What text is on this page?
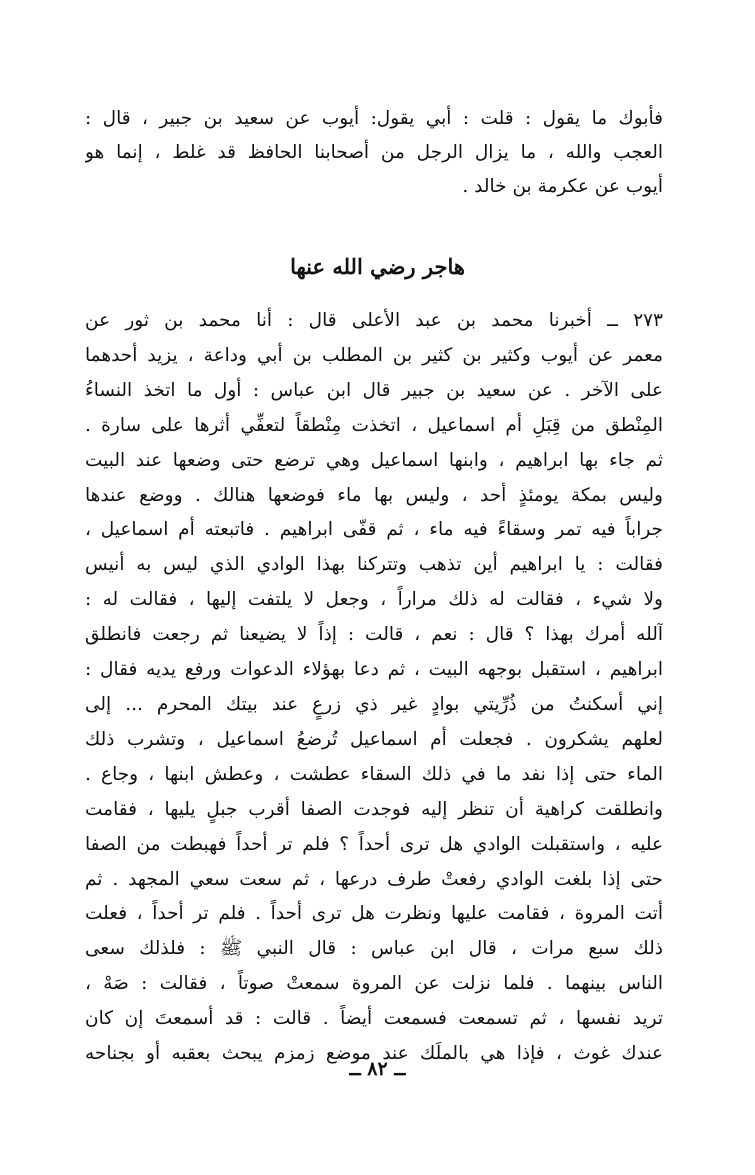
فأبوك ما يقول : قلت : أبي يقول: أيوب عن سعيد بن جبير ، قال :
العجب والله ، ما يزال الرجل من أصحابنا الحافظ قد غلط ، إنما هو
أيوب عن عكرمة بن خالد .
هاجر رضي الله عنها
٢٧٣ ــ أخبرنا محمد بن عبد الأعلى قال : أنا محمد بن ثور عن
معمر عن أيوب وكثير بن كثير بن المطلب بن أبي وداعة ، يزيد أحدهما
على الآخر . عن سعيد بن جبير قال ابن عباس : أول ما اتخذ النساءُ
المِنْطق من قِبَلِ أم اسماعيل ، اتخذت مِنْطقاً لتعفِّي أثرها على سارة .
ثم جاء بها ابراهيم ، وابنها اسماعيل وهي ترضع حتى وضعها عند البيت
وليس بمكة يومئذٍ أحد ، وليس بها ماء فوضعها هنالك . ووضع عندها
جراباً فيه تمر وسقاءً فيه ماء ، ثم قفّى ابراهيم . فاتبعته أم اسماعيل ،
فقالت : يا ابراهيم أين تذهب وتتركنا بهذا الوادي الذي ليس به أنيس
ولا شيء ، فقالت له ذلك مراراً ، وجعل لا يلتفت إليها ، فقالت له :
آلله أمرك بهذا ؟ قال : نعم ، قالت : إذاً لا يضيعنا ثم رجعت فانطلق
ابراهيم ، استقبل بوجهه البيت ، ثم دعا بهؤلاء الدعوات ورفع يديه فقال :
إني أسكنتُ من ذُرِّيتي بوادٍ غير ذي زرعٍ عند بيتك المحرم ... إلى
لعلهم يشكرون . فجعلت أم اسماعيل تُرضعُ اسماعيل ، وتشرب ذلك
الماء حتى إذا نفد ما في ذلك السقاء عطشت ، وعطش ابنها ، وجاع .
وانطلقت كراهية أن تنظر إليه فوجدت الصفا أقرب جبلٍ يليها ، فقامت
عليه ، واستقبلت الوادي هل ترى أحداً ؟ فلم تر أحداً فهبطت من الصفا
حتى إذا بلغت الوادي رفعتْ طرف درعها ، ثم سعت سعي المجهد . ثم
أتت المروة ، فقامت عليها ونظرت هل ترى أحداً . فلم تر أحداً ، فعلت
ذلك سبع مرات ، قال ابن عباس : قال النبي ﷺ : فلذلك سعى
الناس بينهما . فلما نزلت عن المروة سمعتْ صوتاً ، فقالت : صَهْ ،
تريد نفسها ، ثم تسمعت فسمعت أيضاً . قالت : قد أسمعتَ إن كان
عندك غوث ، فإذا هي بالملَك عند موضع زمزم يبحث بعقبه أو بجناحه
ــ ٨٢ ــ
